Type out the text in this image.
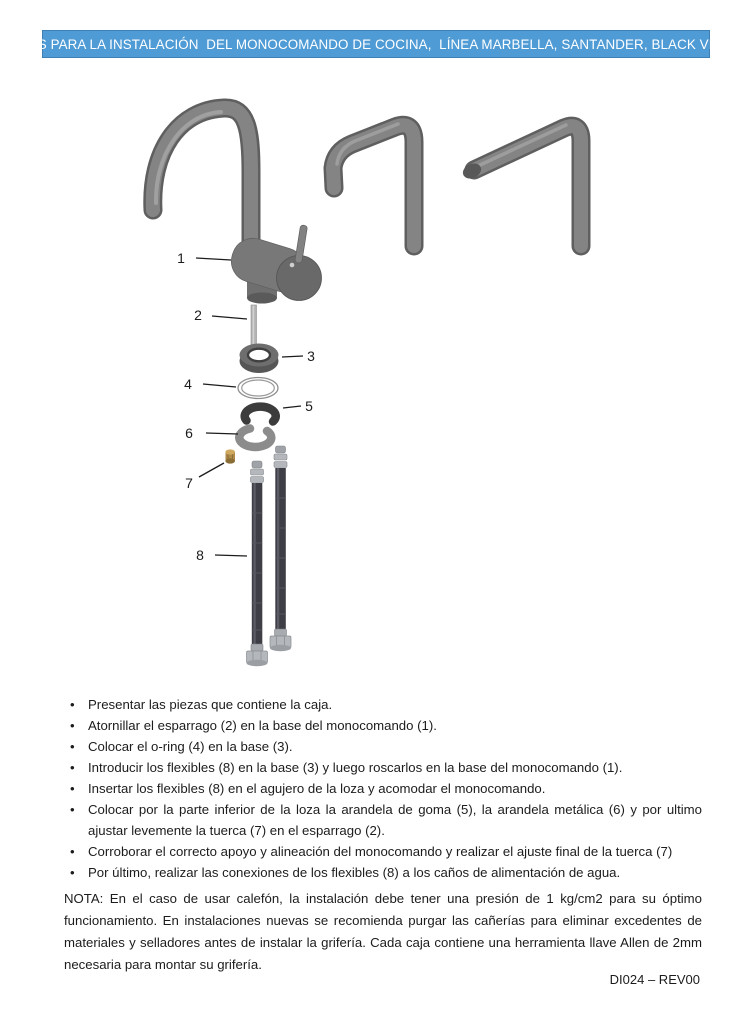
DATOS PARA LA INSTALACIÓN  DEL MONOCOMANDO DE COCINA,  LÍNEA MARBELLA, SANTANDER, BLACK VELVET
1
2
3
4
5
6
7
8
• Presentar las piezas que contiene la caja.
• Atornillar el esparrago (2) en la base del monocomando (1).
• Colocar el o-ring (4) en la base (3).
• Introducir los flexibles (8) en la base (3) y luego roscarlos en la base del monocomando (1).
• Insertar los flexibles (8) en el agujero de la loza y acomodar el monocomando.
• Colocar por la parte inferior de la loza la arandela de goma (5), la arandela metálica (6) y por ultimo ajustar levemente la tuerca (7) en el esparrago (2).
• Corroborar el correcto apoyo y alineación del monocomando y realizar el ajuste final de la tuerca (7)
• Por último, realizar las conexiones de los flexibles (8) a los caños de alimentación de agua.
NOTA: En el caso de usar calefón, la instalación debe tener una presión de 1 kg/cm2 para su óptimo funcionamiento. En instalaciones nuevas se recomienda purgar las cañerías para eliminar excedentes de materiales y selladores antes de instalar la grifería. Cada caja contiene una herramienta llave Allen de 2mm necesaria para montar su grifería.
DI024 – REV00
